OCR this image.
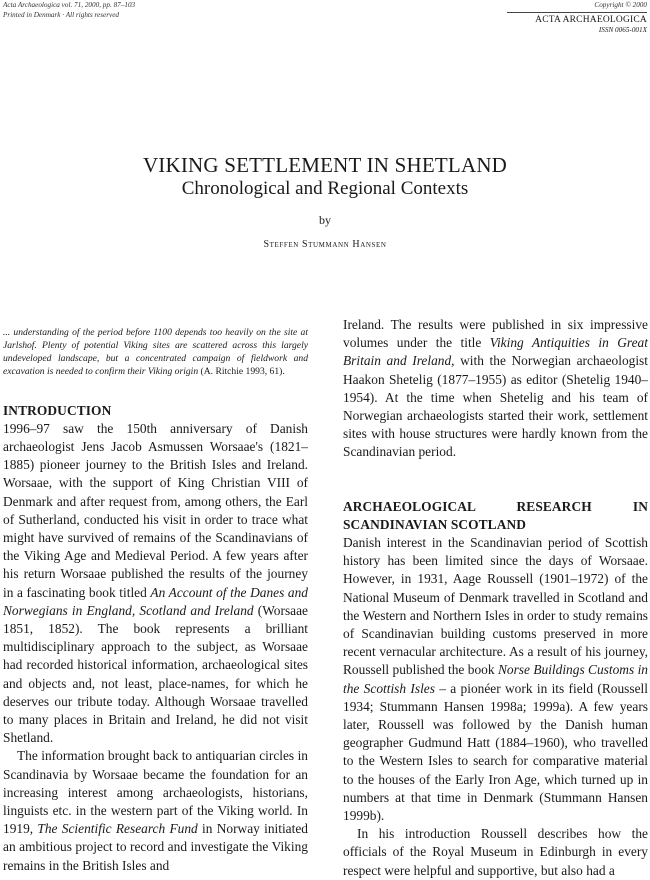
Acta Archaeologica vol. 71, 2000, pp. 87–103
Printed in Denmark · All rights reserved
Copyright © 2000
ACTA ARCHAEOLOGICA
ISSN 0065-001X
VIKING SETTLEMENT IN SHETLAND
Chronological and Regional Contexts
by
Steffen Stummann Hansen

... understanding of the period before 1100 depends too heavily on the site at Jarlshof. Plenty of potential Viking sites are scattered across this largely undeveloped landscape, but a concentrated campaign of fieldwork and excavation is needed to confirm their Viking origin (A. Ritchie 1993, 61).

INTRODUCTION

1996–97 saw the 150th anniversary of Danish archaeologist Jens Jacob Asmussen Worsaae's (1821–1885) pioneer journey to the British Isles and Ireland. Worsaae, with the support of King Christian VIII of Denmark and after request from, among others, the Earl of Sutherland, conducted his visit in order to trace what might have survived of remains of the Scandinavians of the Viking Age and Medieval Period. A few years after his return Worsaae published the results of the journey in a fascinating book titled An Account of the Danes and Norwegians in England, Scotland and Ireland (Worsaae 1851, 1852). The book represents a brilliant multidisciplinary approach to the subject, as Worsaae had recorded historical information, archaeological sites and objects and, not least, place-names, for which he deserves our tribute today. Although Worsaae travelled to many places in Britain and Ireland, he did not visit Shetland.

The information brought back to antiquarian circles in Scandinavia by Worsaae became the foundation for an increasing interest among archaeologists, historians, linguists etc. in the western part of the Viking world. In 1919, The Scientific Research Fund in Norway initiated an ambitious project to record and investigate the Viking remains in the British Isles and

Ireland. The results were published in six impressive volumes under the title Viking Antiquities in Great Britain and Ireland, with the Norwegian archaeologist Haakon Shetelig (1877–1955) as editor (Shetelig 1940–1954). At the time when Shetelig and his team of Norwegian archaeologists started their work, settlement sites with house structures were hardly known from the Scandinavian period.

ARCHAEOLOGICAL RESEARCH IN SCANDINAVIAN SCOTLAND

Danish interest in the Scandinavian period of Scottish history has been limited since the days of Worsaae. However, in 1931, Aage Roussell (1901–1972) of the National Museum of Denmark travelled in Scotland and the Western and Northern Isles in order to study remains of Scandinavian building customs preserved in more recent vernacular architecture. As a result of his journey, Roussell published the book Norse Buildings Customs in the Scottish Isles – a pionéer work in its field (Roussell 1934; Stummann Hansen 1998a; 1999a). A few years later, Roussell was followed by the Danish human geographer Gudmund Hatt (1884–1960), who travelled to the Western Isles to search for comparative material to the houses of the Early Iron Age, which turned up in numbers at that time in Denmark (Stummann Hansen 1999b).

In his introduction Roussell describes how the officials of the Royal Museum in Edinburgh in every respect were helpful and supportive, but also had a
